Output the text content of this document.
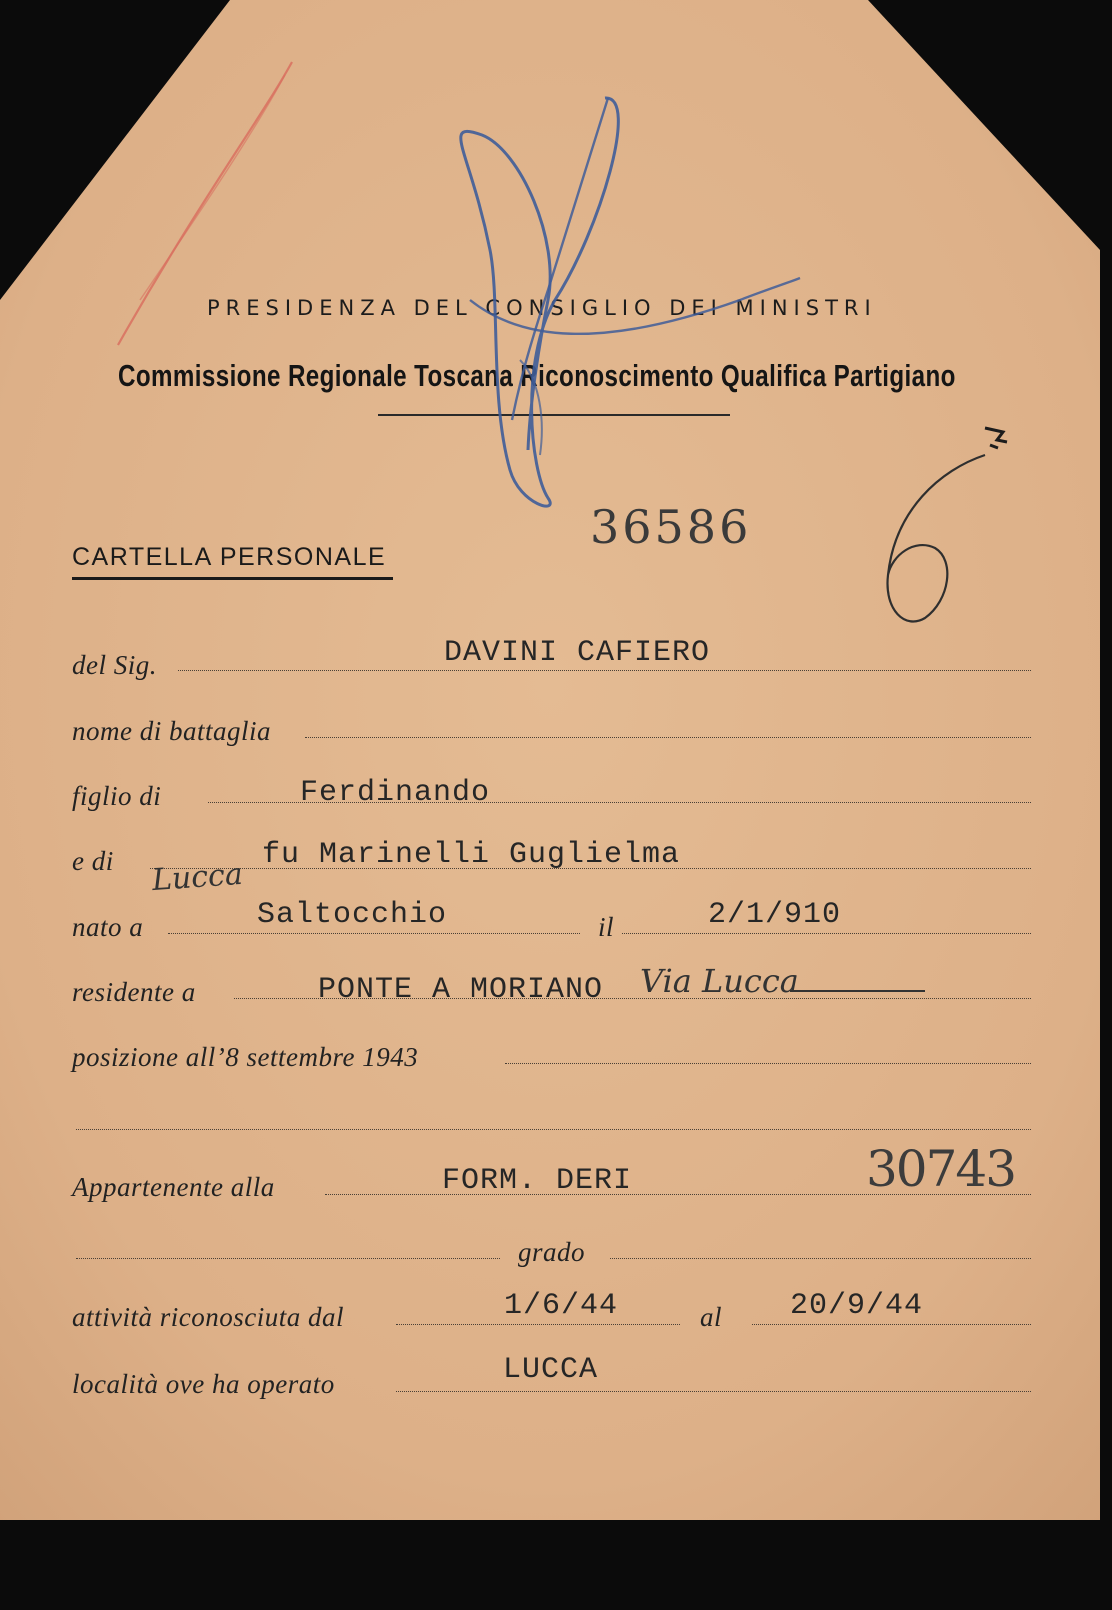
PRESIDENZA DEL CONSIGLIO DEI MINISTRI
Commissione Regionale Toscana Riconoscimento Qualifica Partigiano
36586
CARTELLA PERSONALE
del Sig.	DAVINI CAFIERO
nome di battaglia
figlio di	Ferdinando
e di	fu Marinelli Guglielma
nato a	Saltocchio	il	2/1/910
Lucca
residente a	PONTE A MORIANO Via Lucca
posizione all’8 settembre 1943
Appartenente alla	FORM. DERI	30743
grado
attività riconosciuta dal	1/6/44	al 20/9/44
località ove ha operato	LUCCA
